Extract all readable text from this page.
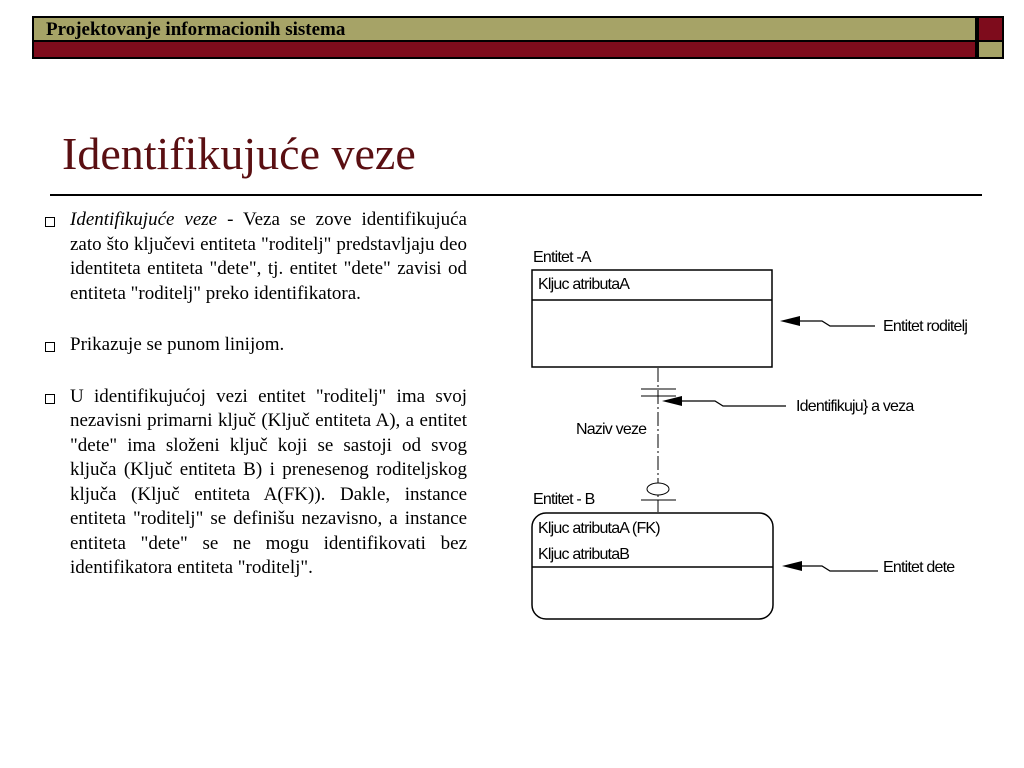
Projektovanje informacionih sistema
Identifikujuće veze
Identifikujuće veze - Veza se zove identifikujuća zato što ključevi entiteta "roditelj" predstavljaju deo identiteta entiteta "dete", tj. entitet "dete" zavisi od entiteta "roditelj" preko identifikatora.
Prikazuje se punom linijom.
U identifikujućoj vezi entitet "roditelj" ima svoj nezavisni primarni ključ (Ključ entiteta A), a entitet "dete" ima složeni ključ koji se sastoji od svog ključa (Ključ entiteta B) i prenesenog roditeljskog ključa (Ključ entiteta A(FK)). Dakle, instance entiteta "roditelj" se definišu nezavisno, a instance entiteta "dete" se ne mogu identifikovati bez identifikatora entiteta "roditelj".
Entitet -A
Kljuc atributaA
Entitet roditelj
Naziv veze
Identifikuju} a veza
Entitet - B
Kljuc atributaA (FK)
Kljuc atributaB
Entitet dete
